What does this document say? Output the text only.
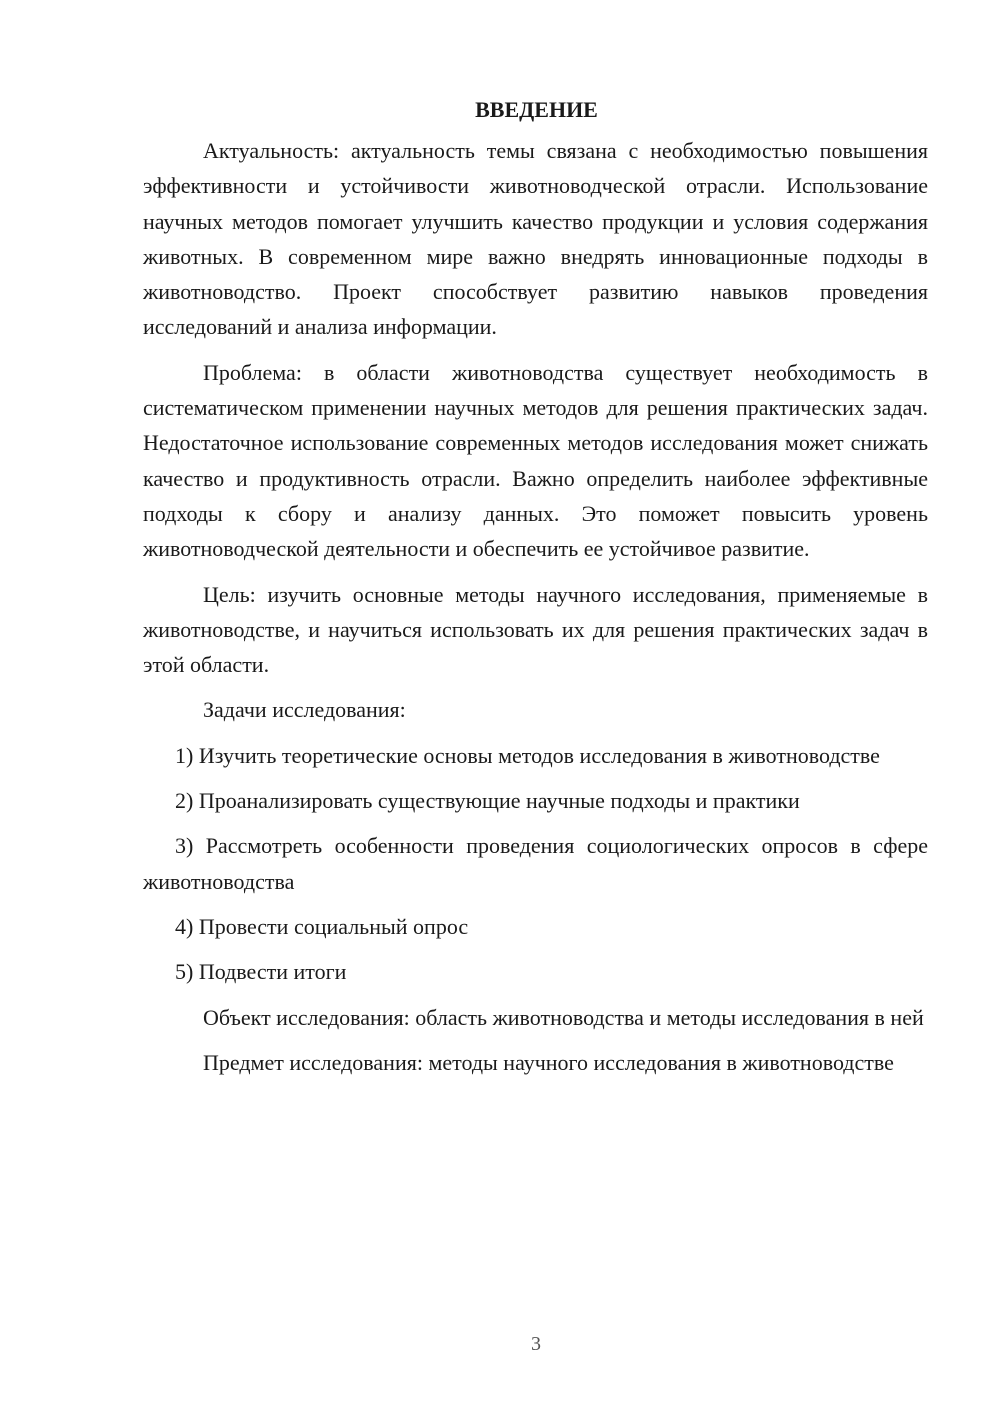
ВВЕДЕНИЕ

Актуальность: актуальность темы связана с необходимостью повышения эффективности и устойчивости животноводческой отрасли. Использование научных методов помогает улучшить качество продукции и условия содержания животных. В современном мире важно внедрять инновационные подходы в животноводство. Проект способствует развитию навыков проведения исследований и анализа информации.

Проблема: в области животноводства существует необходимость в систематическом применении научных методов для решения практических задач. Недостаточное использование современных методов исследования может снижать качество и продуктивность отрасли. Важно определить наиболее эффективные подходы к сбору и анализу данных. Это поможет повысить уровень животноводческой деятельности и обеспечить ее устойчивое развитие.

Цель: изучить основные методы научного исследования, применяемые в животноводстве, и научиться использовать их для решения практических задач в этой области.

Задачи исследования:

1) Изучить теоретические основы методов исследования в животноводстве

2) Проанализировать существующие научные подходы и практики

3) Рассмотреть особенности проведения социологических опросов в сфере животноводства

4) Провести социальный опрос

5) Подвести итоги

Объект исследования: область животноводства и методы исследования в ней

Предмет исследования: методы научного исследования в животноводстве

3
